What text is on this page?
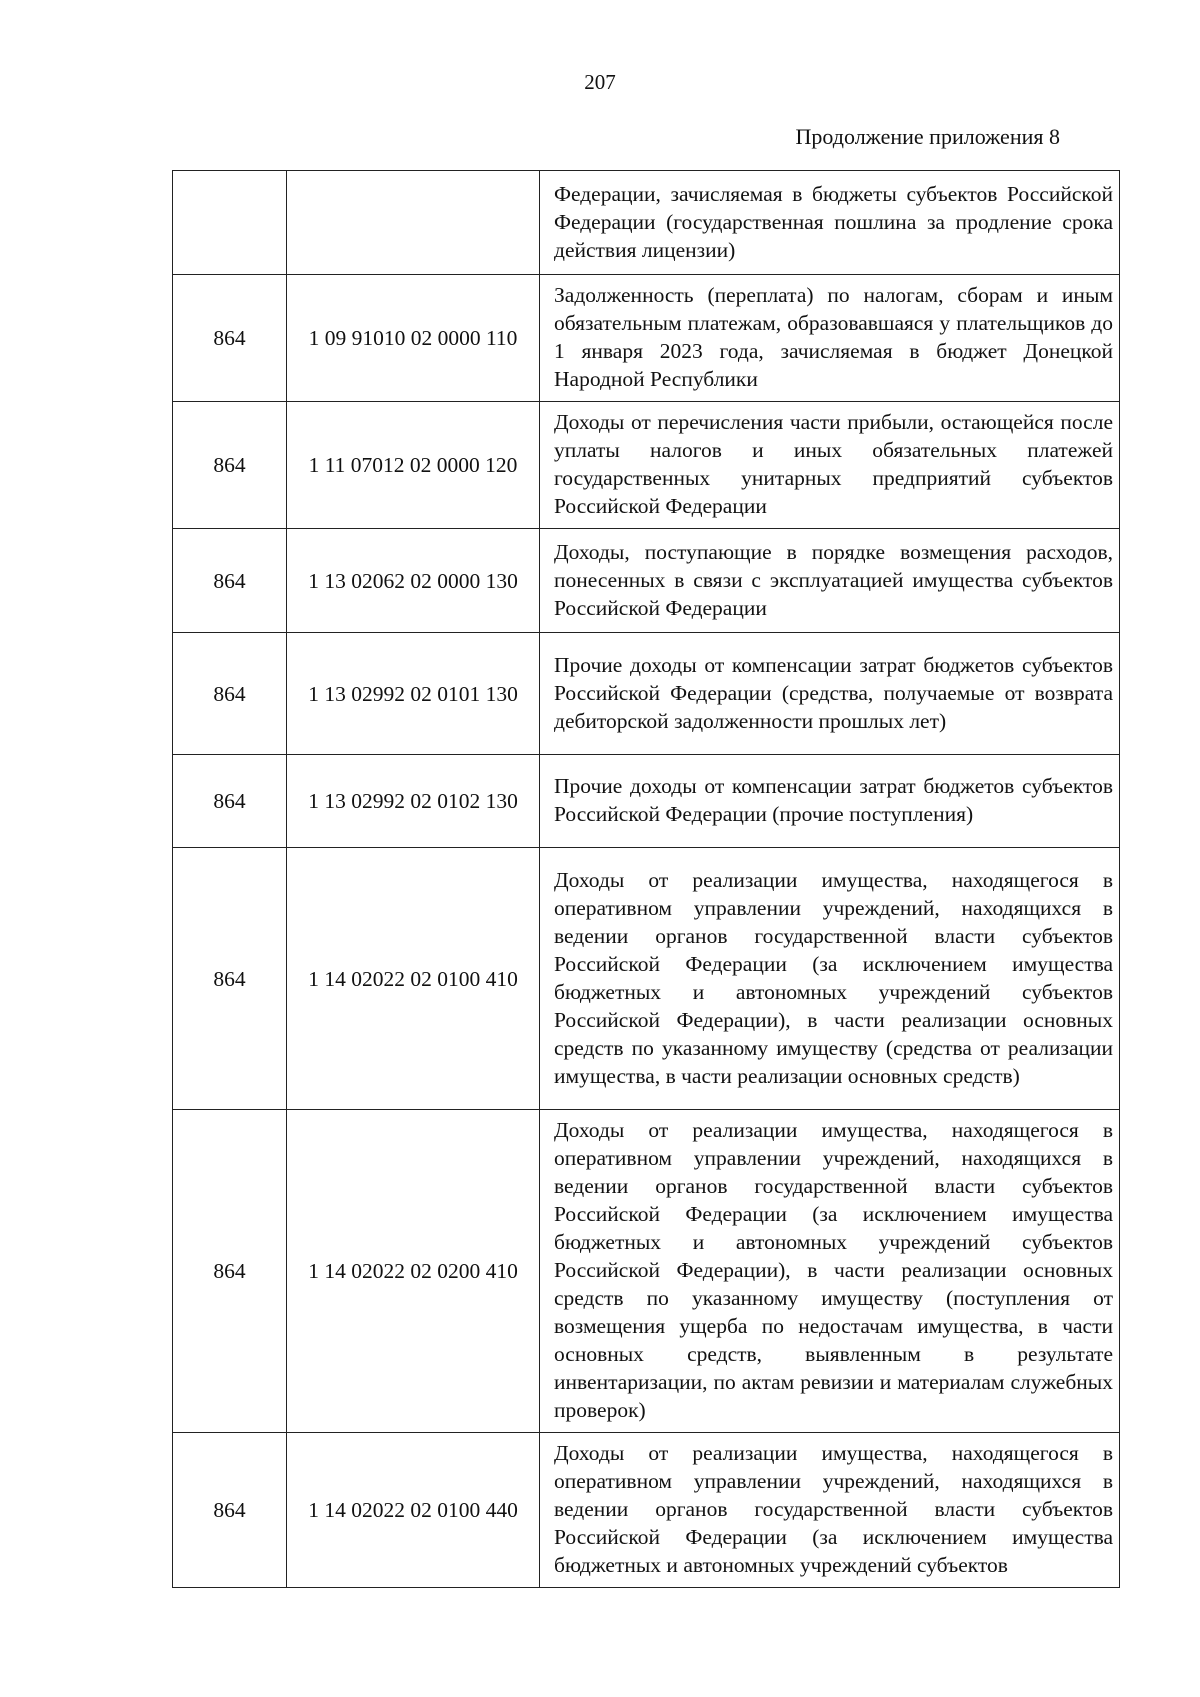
207
Продолжение приложения 8
		Федерации, зачисляемая в бюджеты субъектов Российской Федерации (государственная пошлина за продление срока действия лицензии)
864	1 09 91010 02 0000 110	Задолженность (переплата) по налогам, сборам и иным обязательным платежам, образовавшаяся у плательщиков до 1 января 2023 года, зачисляемая в бюджет Донецкой Народной Республики
864	1 11 07012 02 0000 120	Доходы от перечисления части прибыли, остающейся после уплаты налогов и иных обязательных платежей государственных унитарных предприятий субъектов Российской Федерации
864	1 13 02062 02 0000 130	Доходы, поступающие в порядке возмещения расходов, понесенных в связи с эксплуатацией имущества субъектов Российской Федерации
864	1 13 02992 02 0101 130	Прочие доходы от компенсации затрат бюджетов субъектов Российской Федерации (средства, получаемые от возврата дебиторской задолженности прошлых лет)
864	1 13 02992 02 0102 130	Прочие доходы от компенсации затрат бюджетов субъектов Российской Федерации (прочие поступления)
864	1 14 02022 02 0100 410	Доходы от реализации имущества, находящегося в оперативном управлении учреждений, находящихся в ведении органов государственной власти субъектов Российской Федерации (за исключением имущества бюджетных и автономных учреждений субъектов Российской Федерации), в части реализации основных средств по указанному имуществу (средства от реализации имущества, в части реализации основных средств)
864	1 14 02022 02 0200 410	Доходы от реализации имущества, находящегося в оперативном управлении учреждений, находящихся в ведении органов государственной власти субъектов Российской Федерации (за исключением имущества бюджетных и автономных учреждений субъектов Российской Федерации), в части реализации основных средств по указанному имуществу (поступления от возмещения ущерба по недостачам имущества, в части основных средств, выявленным в результате инвентаризации, по актам ревизии и материалам служебных проверок)
864	1 14 02022 02 0100 440	Доходы от реализации имущества, находящегося в оперативном управлении учреждений, находящихся в ведении органов государственной власти субъектов Российской Федерации (за исключением имущества бюджетных и автономных учреждений субъектов
